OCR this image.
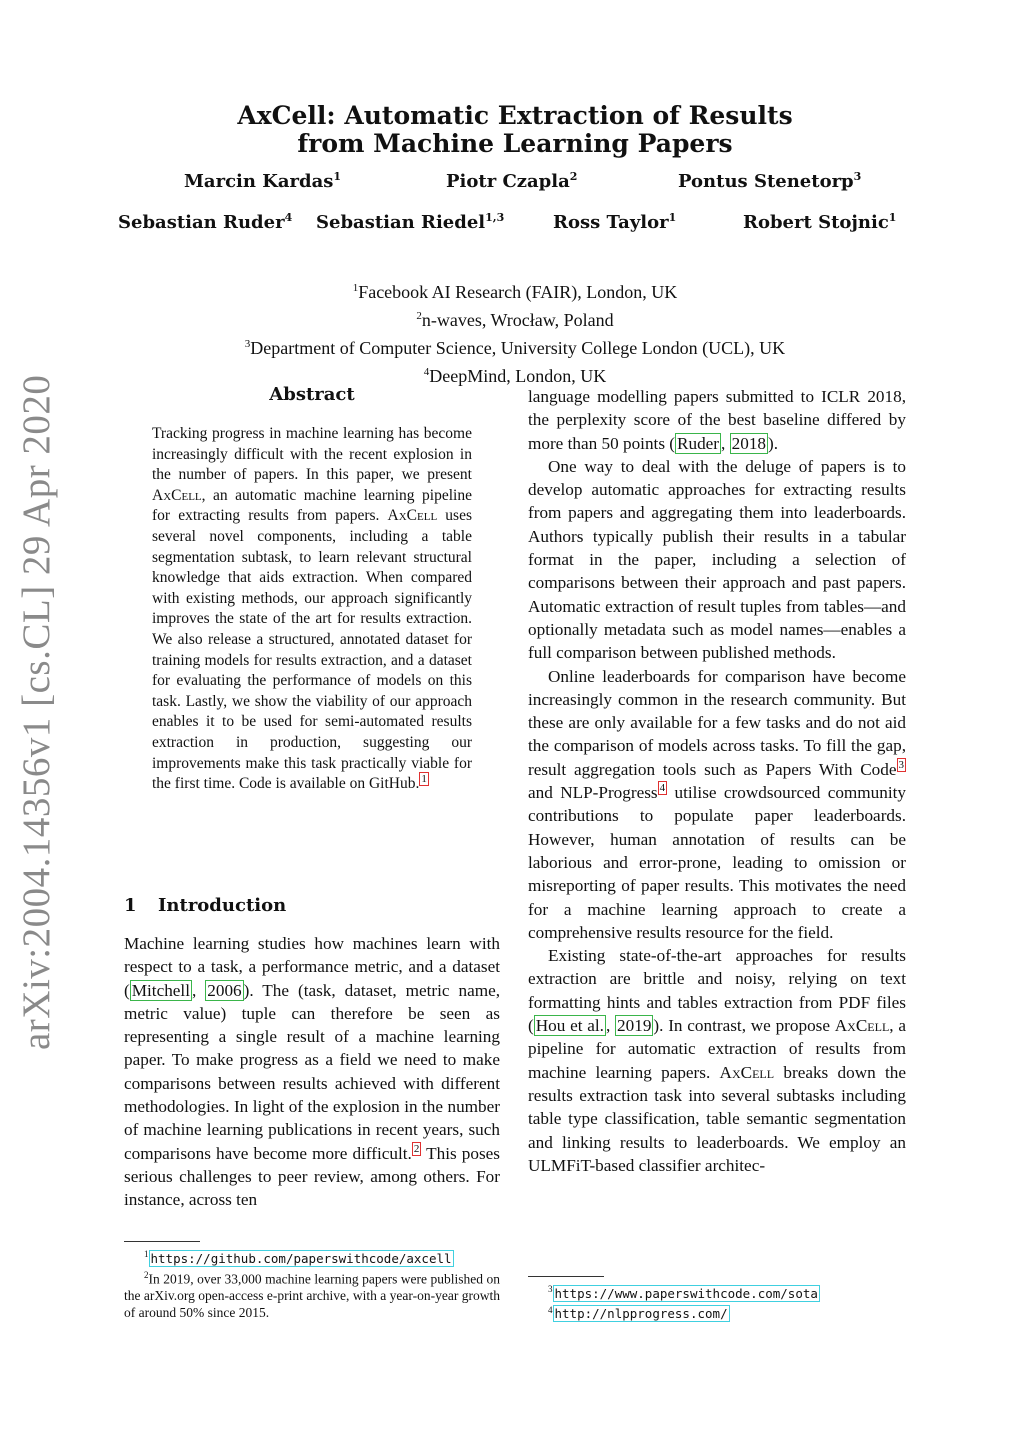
arXiv:2004.14356v1 [cs.CL] 29 Apr 2020
AxCell: Automatic Extraction of Results
from Machine Learning Papers
Marcin Kardas$^1$	Piotr Czapla$^2$	Pontus Stenetorp$^3$
Sebastian Ruder$^4$ Sebastian Riedel$^{1,3}$	Ross Taylor$^1$	Robert Stojnic$^1$
$^1$Facebook AI Research (FAIR), London, UK
$^2$n-waves, Wrocław, Poland
$^3$Department of Computer Science, University College London (UCL), UK
$^4$DeepMind, London, UK
Abstract
Tracking progress in machine learning has become increasingly difficult with the recent explosion in the number of papers. In this paper, we present AxCell, an automatic machine learning pipeline for extracting results from papers. AxCell uses several novel components, including a table segmentation subtask, to learn relevant structural knowledge that aids extraction. When compared with existing methods, our approach significantly improves the state of the art for results extraction. We also release a structured, annotated dataset for training models for results extraction, and a dataset for evaluating the performance of models on this task. Lastly, we show the viability of our approach enables it to be used for semi-automated results extraction in production, suggesting our improvements make this task practically viable for the first time. Code is available on GitHub. $^1$
1 Introduction

Machine learning studies how machines learn with respect to a task, a performance metric, and a dataset ( Mitchell , 2006 ). The (task, dataset, metric name, metric value) tuple can therefore be seen as representing a single result of a machine learning paper. To make progress as a field we need to make comparisons between results achieved with different methodologies. In light of the explosion in the number of machine learning publications in recent years, such comparisons have become more difficult. $^2$ This poses serious challenges to peer review, among others. For instance, across ten

$^1$ https://github.com/paperswithcode/axcell

$^2$In 2019, over 33,000 machine learning papers were published on the arXiv.org open-access e-print archive, with a year-on-year growth of around 50% since 2015.

language modelling papers submitted to ICLR 2018, the perplexity score of the best baseline differed by more than 50 points ( Ruder , 2018 ).

One way to deal with the deluge of papers is to develop automatic approaches for extracting results from papers and aggregating them into leaderboards. Authors typically publish their results in a tabular format in the paper, including a selection of comparisons between their approach and past papers. Automatic extraction of result tuples from tables—and optionally metadata such as model names—enables a full comparison between published methods.

Online leaderboards for comparison have become increasingly common in the research community. But these are only available for a few tasks and do not aid the comparison of models across tasks. To fill the gap, result aggregation tools such as Papers With Code $^3$ and NLP-Progress $^4$ utilise crowdsourced community contributions to populate paper leaderboards. However, human annotation of results can be laborious and error-prone, leading to omission or misreporting of paper results. This motivates the need for a machine learning approach to create a comprehensive results resource for the field.

Existing state-of-the-art approaches for results extraction are brittle and noisy, relying on text formatting hints and tables extraction from PDF files ( Hou et al. , 2019 ). In contrast, we propose AxCell, a pipeline for automatic extraction of results from machine learning papers. AxCell breaks down the results extraction task into several subtasks including table type classification, table semantic segmentation and linking results to leaderboards. We employ an ULMFiT-based classifier architec-

$^3$ https://www.paperswithcode.com/sota

$^4$ http://nlpprogress.com/
